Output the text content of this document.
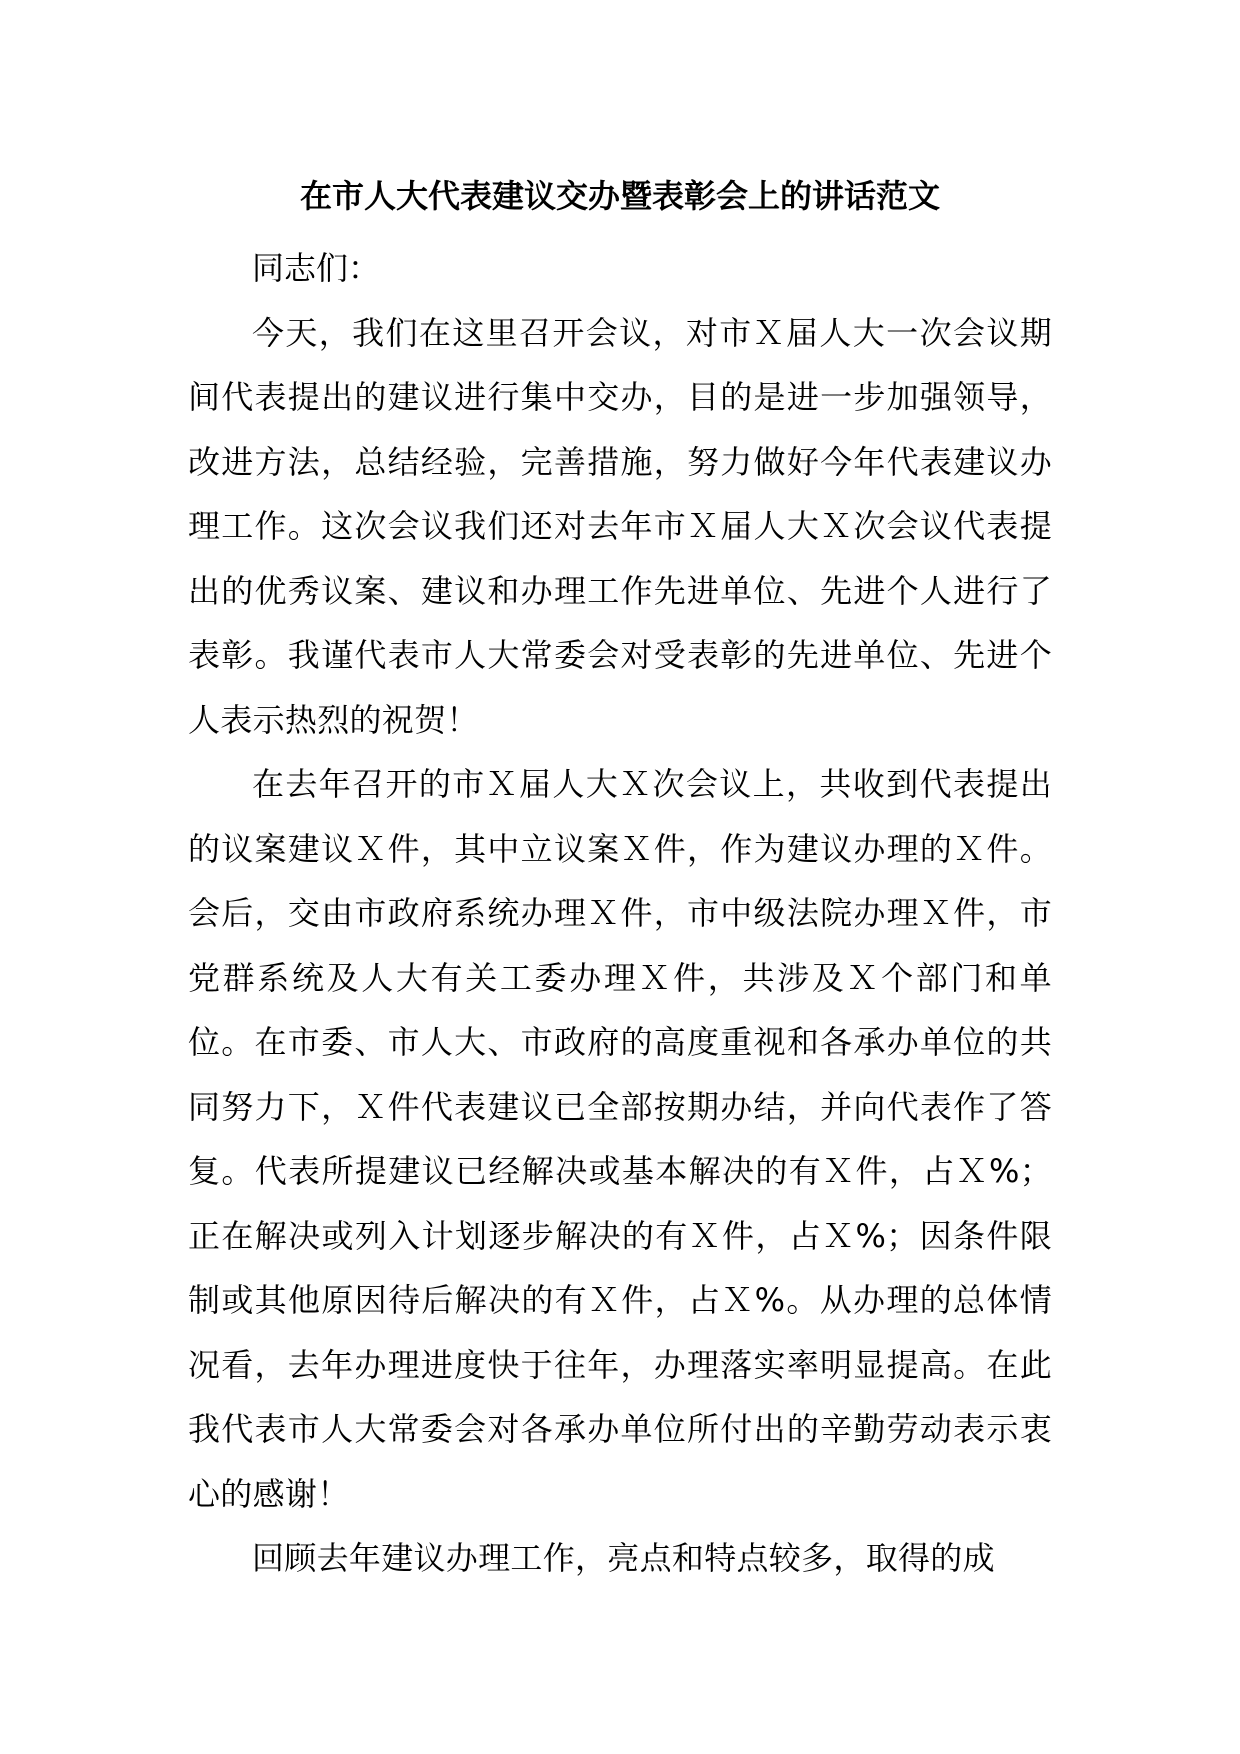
在市人大代表建议交办暨表彰会上的讲话范文

同志们：

今天，我们在这里召开会议，对市Ｘ届人大一次会议期间代表提出的建议进行集中交办，目的是进一步加强领导，改进方法，总结经验，完善措施，努力做好今年代表建议办理工作。这次会议我们还对去年市Ｘ届人大Ｘ次会议代表提出的优秀议案、建议和办理工作先进单位、先进个人进行了表彰。我谨代表市人大常委会对受表彰的先进单位、先进个人表示热烈的祝贺！

在去年召开的市Ｘ届人大Ｘ次会议上，共收到代表提出的议案建议Ｘ件，其中立议案Ｘ件，作为建议办理的Ｘ件。会后，交由市政府系统办理Ｘ件，市中级法院办理Ｘ件，市党群系统及人大有关工委办理Ｘ件，共涉及Ｘ个部门和单位。在市委、市人大、市政府的高度重视和各承办单位的共同努力下，Ｘ件代表建议已全部按期办结，并向代表作了答复。代表所提建议已经解决或基本解决的有Ｘ件，占Ｘ%；正在解决或列入计划逐步解决的有Ｘ件，占Ｘ%；因条件限制或其他原因待后解决的有Ｘ件，占Ｘ%。从办理的总体情况看，去年办理进度快于往年，办理落实率明显提高。在此我代表市人大常委会对各承办单位所付出的辛勤劳动表示衷心的感谢！

回顾去年建议办理工作，亮点和特点较多，取得的成
